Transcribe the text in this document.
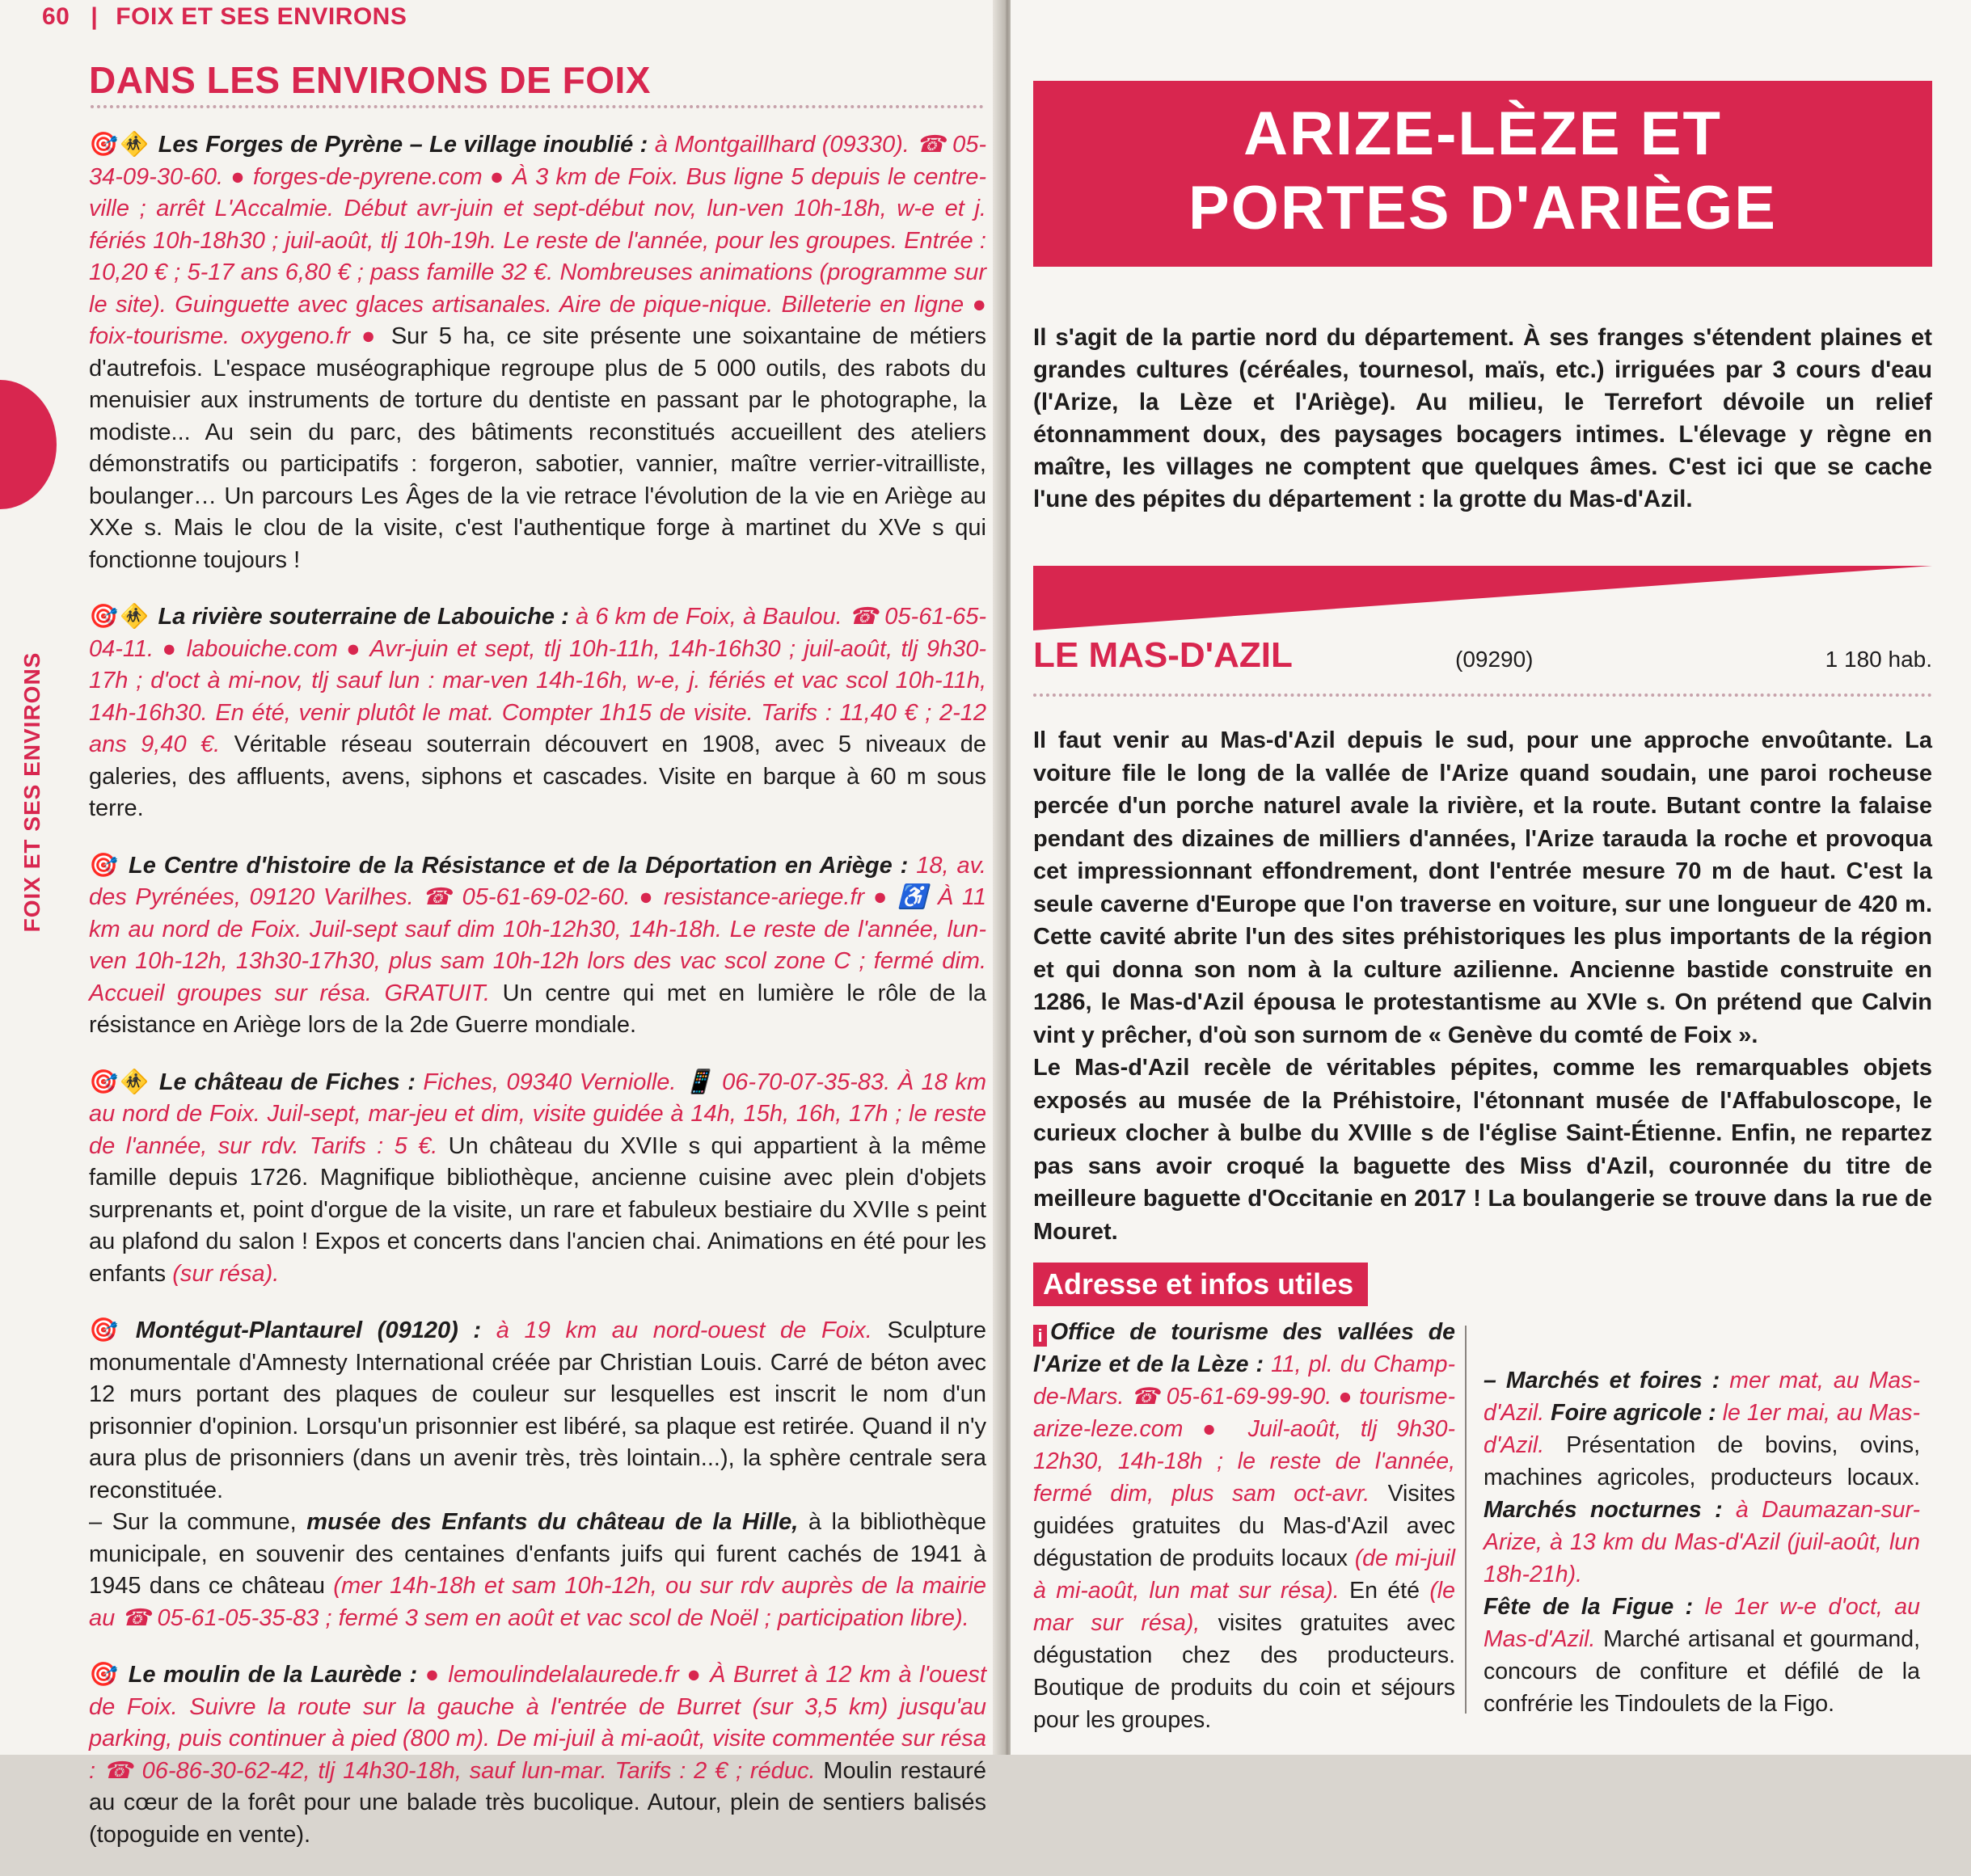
FOIX ET SES ENVIRONS
60 | FOIX ET SES ENVIRONS
DANS LES ENVIRONS DE FOIX
🎯 🚸 Les Forges de Pyrène – Le village inoublié : à Montgaillhard (09330). ☎ 05-34-09-30-60. ● forges-de-pyrene.com ● À 3 km de Foix. Bus ligne 5 depuis le centre-ville ; arrêt L'Accalmie. Début avr-juin et sept-début nov, lun-ven 10h-18h, w-e et j. fériés 10h-18h30 ; juil-août, tlj 10h-19h. Le reste de l'année, pour les groupes. Entrée : 10,20 € ; 5-17 ans 6,80 € ; pass famille 32 €. Nombreuses animations (programme sur le site). Guinguette avec glaces artisanales. Aire de pique-nique. Billeterie en ligne ● foix-tourisme. oxygeno.fr ● Sur 5 ha, ce site présente une soixantaine de métiers d'autrefois. L'espace muséographique regroupe plus de 5 000 outils, des rabots du menuisier aux instruments de torture du dentiste en passant par le photographe, la modiste... Au sein du parc, des bâtiments reconstitués accueillent des ateliers démonstratifs ou participatifs : forgeron, sabotier, vannier, maître verrier-vitrailliste, boulanger… Un parcours Les Âges de la vie retrace l'évolution de la vie en Ariège au XXe s. Mais le clou de la visite, c'est l'authentique forge à martinet du XVe s qui fonctionne toujours !
🎯 🚸 La rivière souterraine de Labouiche : à 6 km de Foix, à Baulou. ☎ 05-61-65-04-11. ● labouiche.com ● Avr-juin et sept, tlj 10h-11h, 14h-16h30 ; juil-août, tlj 9h30-17h ; d'oct à mi-nov, tlj sauf lun : mar-ven 14h-16h, w-e, j. fériés et vac scol 10h-11h, 14h-16h30. En été, venir plutôt le mat. Compter 1h15 de visite. Tarifs : 11,40 € ; 2-12 ans 9,40 €. Véritable réseau souterrain découvert en 1908, avec 5 niveaux de galeries, des affluents, avens, siphons et cascades. Visite en barque à 60 m sous terre.
🎯 Le Centre d'histoire de la Résistance et de la Déportation en Ariège : 18, av. des Pyrénées, 09120 Varilhes. ☎ 05-61-69-02-60. ● resistance-ariege.fr ● ♿ À 11 km au nord de Foix. Juil-sept sauf dim 10h-12h30, 14h-18h. Le reste de l'année, lun-ven 10h-12h, 13h30-17h30, plus sam 10h-12h lors des vac scol zone C ; fermé dim. Accueil groupes sur résa. GRATUIT. Un centre qui met en lumière le rôle de la résistance en Ariège lors de la 2de Guerre mondiale.
🎯 🚸 Le château de Fiches : Fiches, 09340 Verniolle. 📱 06-70-07-35-83. À 18 km au nord de Foix. Juil-sept, mar-jeu et dim, visite guidée à 14h, 15h, 16h, 17h ; le reste de l'année, sur rdv. Tarifs : 5 €. Un château du XVIIe s qui appartient à la même famille depuis 1726. Magnifique bibliothèque, ancienne cuisine avec plein d'objets surprenants et, point d'orgue de la visite, un rare et fabuleux bestiaire du XVIIe s peint au plafond du salon ! Expos et concerts dans l'ancien chai. Animations en été pour les enfants (sur résa).
🎯 Montégut-Plantaurel (09120) : à 19 km au nord-ouest de Foix. Sculpture monumentale d'Amnesty International créée par Christian Louis. Carré de béton avec 12 murs portant des plaques de couleur sur lesquelles est inscrit le nom d'un prisonnier d'opinion. Lorsqu'un prisonnier est libéré, sa plaque est retirée. Quand il n'y aura plus de prisonniers (dans un avenir très, très lointain...), la sphère centrale sera reconstituée.
– Sur la commune, musée des Enfants du château de la Hille, à la bibliothèque municipale, en souvenir des centaines d'enfants juifs qui furent cachés de 1941 à 1945 dans ce château (mer 14h-18h et sam 10h-12h, ou sur rdv auprès de la mairie au ☎ 05-61-05-35-83 ; fermé 3 sem en août et vac scol de Noël ; participation libre).
🎯 Le moulin de la Laurède : ● lemoulindelalaurede.fr ● À Burret à 12 km à l'ouest de Foix. Suivre la route sur la gauche à l'entrée de Burret (sur 3,5 km) jusqu'au parking, puis continuer à pied (800 m). De mi-juil à mi-août, visite commentée sur résa : ☎ 06-86-30-62-42, tlj 14h30-18h, sauf lun-mar. Tarifs : 2 € ; réduc. Moulin restauré au cœur de la forêt pour une balade très bucolique. Autour, plein de sentiers balisés (topoguide en vente).
ARIZE-LÈZE ET
PORTES D'ARIÈGE
Il s'agit de la partie nord du département. À ses franges s'étendent plaines et grandes cultures (céréales, tournesol, maïs, etc.) irriguées par 3 cours d'eau (l'Arize, la Lèze et l'Ariège). Au milieu, le Terrefort dévoile un relief étonnamment doux, des paysages bocagers intimes. L'élevage y règne en maître, les villages ne comptent que quelques âmes. C'est ici que se cache l'une des pépites du département : la grotte du Mas-d'Azil.
LE MAS-D'AZIL	(09290)	1 180 hab.

Il faut venir au Mas-d'Azil depuis le sud, pour une approche envoûtante. La voiture file le long de la vallée de l'Arize quand soudain, une paroi rocheuse percée d'un porche naturel avale la rivière, et la route. Butant contre la falaise pendant des dizaines de milliers d'années, l'Arize tarauda la roche et provoqua cet impressionnant effondrement, dont l'entrée mesure 70 m de haut. C'est la seule caverne d'Europe que l'on traverse en voiture, sur une longueur de 420 m. Cette cavité abrite l'un des sites préhistoriques les plus importants de la région et qui donna son nom à la culture azilienne. Ancienne bastide construite en 1286, le Mas-d'Azil épousa le protestantisme au XVIe s. On prétend que Calvin vint y prêcher, d'où son surnom de « Genève du comté de Foix ».

Le Mas-d'Azil recèle de véritables pépites, comme les remarquables objets exposés au musée de la Préhistoire, l'étonnant musée de l'Affabuloscope, le curieux clocher à bulbe du XVIIIe s de l'église Saint-Étienne. Enfin, ne repartez pas sans avoir croqué la baguette des Miss d'Azil, couronnée du titre de meilleure baguette d'Occitanie en 2017 ! La boulangerie se trouve dans la rue de Mouret.

Adresse et infos utiles
i Office de tourisme des vallées de l'Arize et de la Lèze : 11, pl. du Champ-de-Mars. ☎ 05-61-69-99-90. ● tourisme-arize-leze.com ● Juil-août, tlj 9h30-12h30, 14h-18h ; le reste de l'année, fermé dim, plus sam oct-avr. Visites guidées gratuites du Mas-d'Azil avec dégustation de produits locaux (de mi-juil à mi-août, lun mat sur résa). En été (le mar sur résa), visites gratuites avec dégustation chez des producteurs. Boutique de produits du coin et séjours pour les groupes.
– Marchés et foires : mer mat, au Mas-d'Azil. Foire agricole : le 1er mai, au Mas-d'Azil. Présentation de bovins, ovins, machines agricoles, producteurs locaux. Marchés nocturnes : à Daumazan-sur-Arize, à 13 km du Mas-d'Azil (juil-août, lun 18h-21h).
Fête de la Figue : le 1er w-e d'oct, au Mas-d'Azil. Marché artisanal et gourmand, concours de confiture et défilé de la confrérie les Tindoulets de la Figo.
